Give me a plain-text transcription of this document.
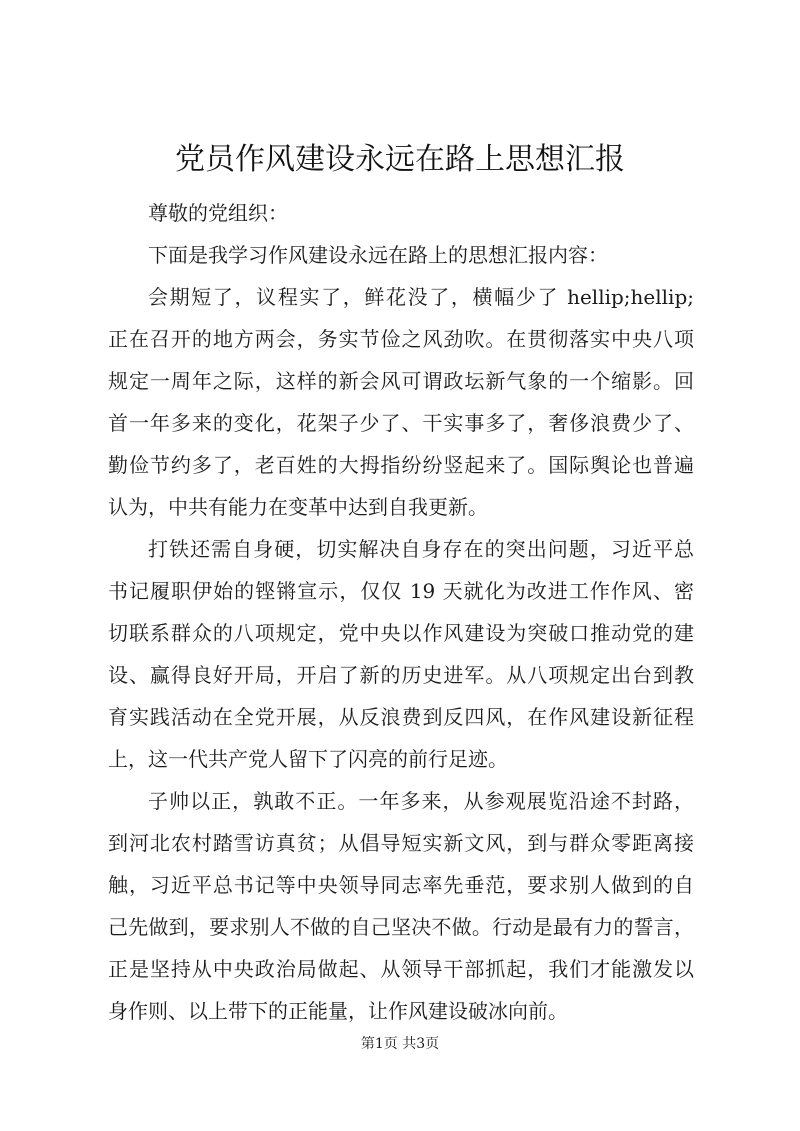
党员作风建设永远在路上思想汇报
尊敬的党组织：
下面是我学习作风建设永远在路上的思想汇报内容：
会期短了，议程实了，鲜花没了，横幅少了 hellip;hellip;
正在召开的地方两会，务实节俭之风劲吹。在贯彻落实中央八项
规定一周年之际，这样的新会风可谓政坛新气象的一个缩影。回
首一年多来的变化，花架子少了、干实事多了，奢侈浪费少了、
勤俭节约多了，老百姓的大拇指纷纷竖起来了。国际舆论也普遍
认为，中共有能力在变革中达到自我更新。
打铁还需自身硬，切实解决自身存在的突出问题，习近平总
书记履职伊始的铿锵宣示，仅仅 19 天就化为改进工作作风、密
切联系群众的八项规定，党中央以作风建设为突破口推动党的建
设、赢得良好开局，开启了新的历史进军。从八项规定出台到教
育实践活动在全党开展，从反浪费到反四风，在作风建设新征程
上，这一代共产党人留下了闪亮的前行足迹。
子帅以正，孰敢不正。一年多来，从参观展览沿途不封路，
到河北农村踏雪访真贫；从倡导短实新文风，到与群众零距离接
触，习近平总书记等中央领导同志率先垂范，要求别人做到的自
己先做到，要求别人不做的自己坚决不做。行动是最有力的誓言，
正是坚持从中央政治局做起、从领导干部抓起，我们才能激发以
身作则、以上带下的正能量，让作风建设破冰向前。
第1页 共3页
